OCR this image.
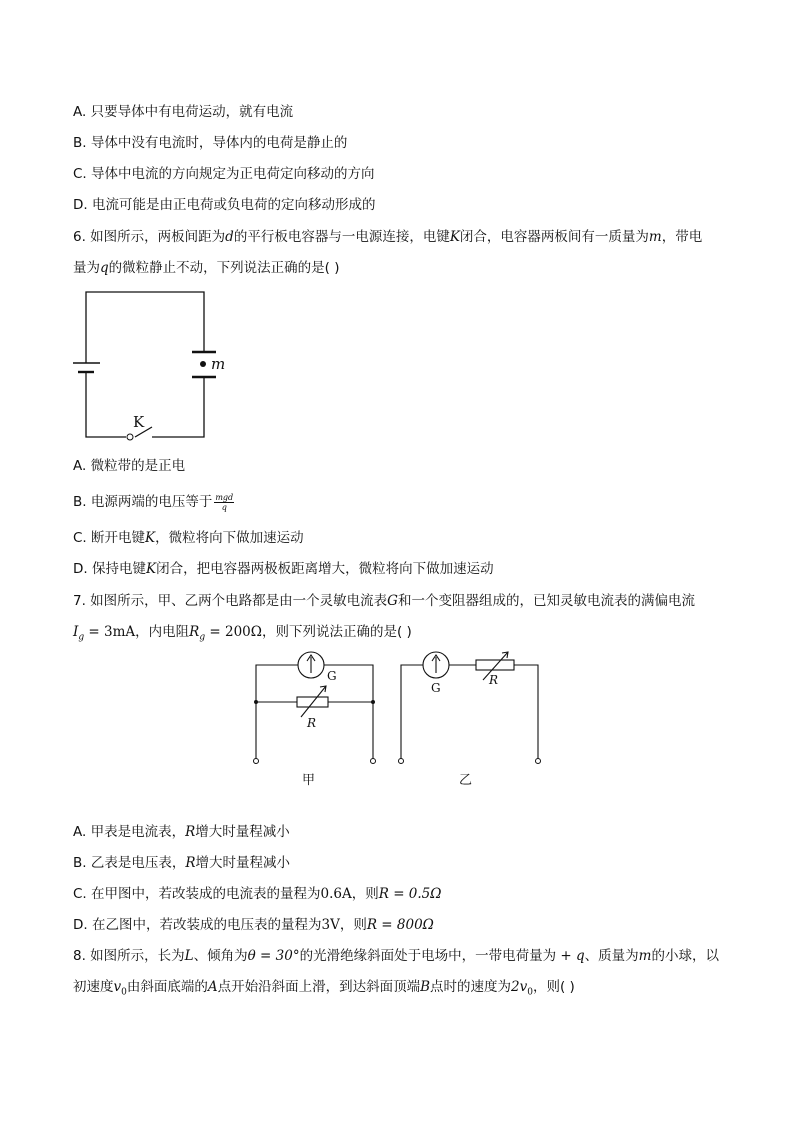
A. 只要导体中有电荷运动，就有电流
B. 导体中没有电流时，导体内的电荷是静止的
C. 导体中电流的方向规定为正电荷定向移动的方向
D. 电流可能是由正电荷或负电荷的定向移动形成的
6. 如图所示，两板间距为d的平行板电容器与一电源连接，电键K闭合，电容器两板间有一质量为m，带电
量为q的微粒静止不动，下列说法正确的是( )
m
K
A. 微粒带的是正电
B. 电源两端的电压等于 $\frac{\text{mgd}}{q}$
C. 断开电键K，微粒将向下做加速运动
D. 保持电键K闭合，把电容器两极板距离增大，微粒将向下做加速运动
7. 如图所示，甲、乙两个电路都是由一个灵敏电流表G和一个变阻器组成的，已知灵敏电流表的满偏电流
$I_g = 3mA$，内电阻$R_g = 200\Omega$，则下列说法正确的是( )
G
R
甲
G
R
乙
A. 甲表是电流表，R增大时量程减小
B. 乙表是电压表，R增大时量程减小
C. 在甲图中，若改装成的电流表的量程为0.6A，则R = 0.5Ω
D. 在乙图中，若改装成的电压表的量程为3V，则R = 800Ω
8. 如图所示，长为L、倾角为θ = 30°的光滑绝缘斜面处于电场中，一带电荷量为 + q、质量为m的小球，以
初速度$v_0$由斜面底端的A点开始沿斜面上滑，到达斜面顶端B点时的速度为$2v_0$，则( )
